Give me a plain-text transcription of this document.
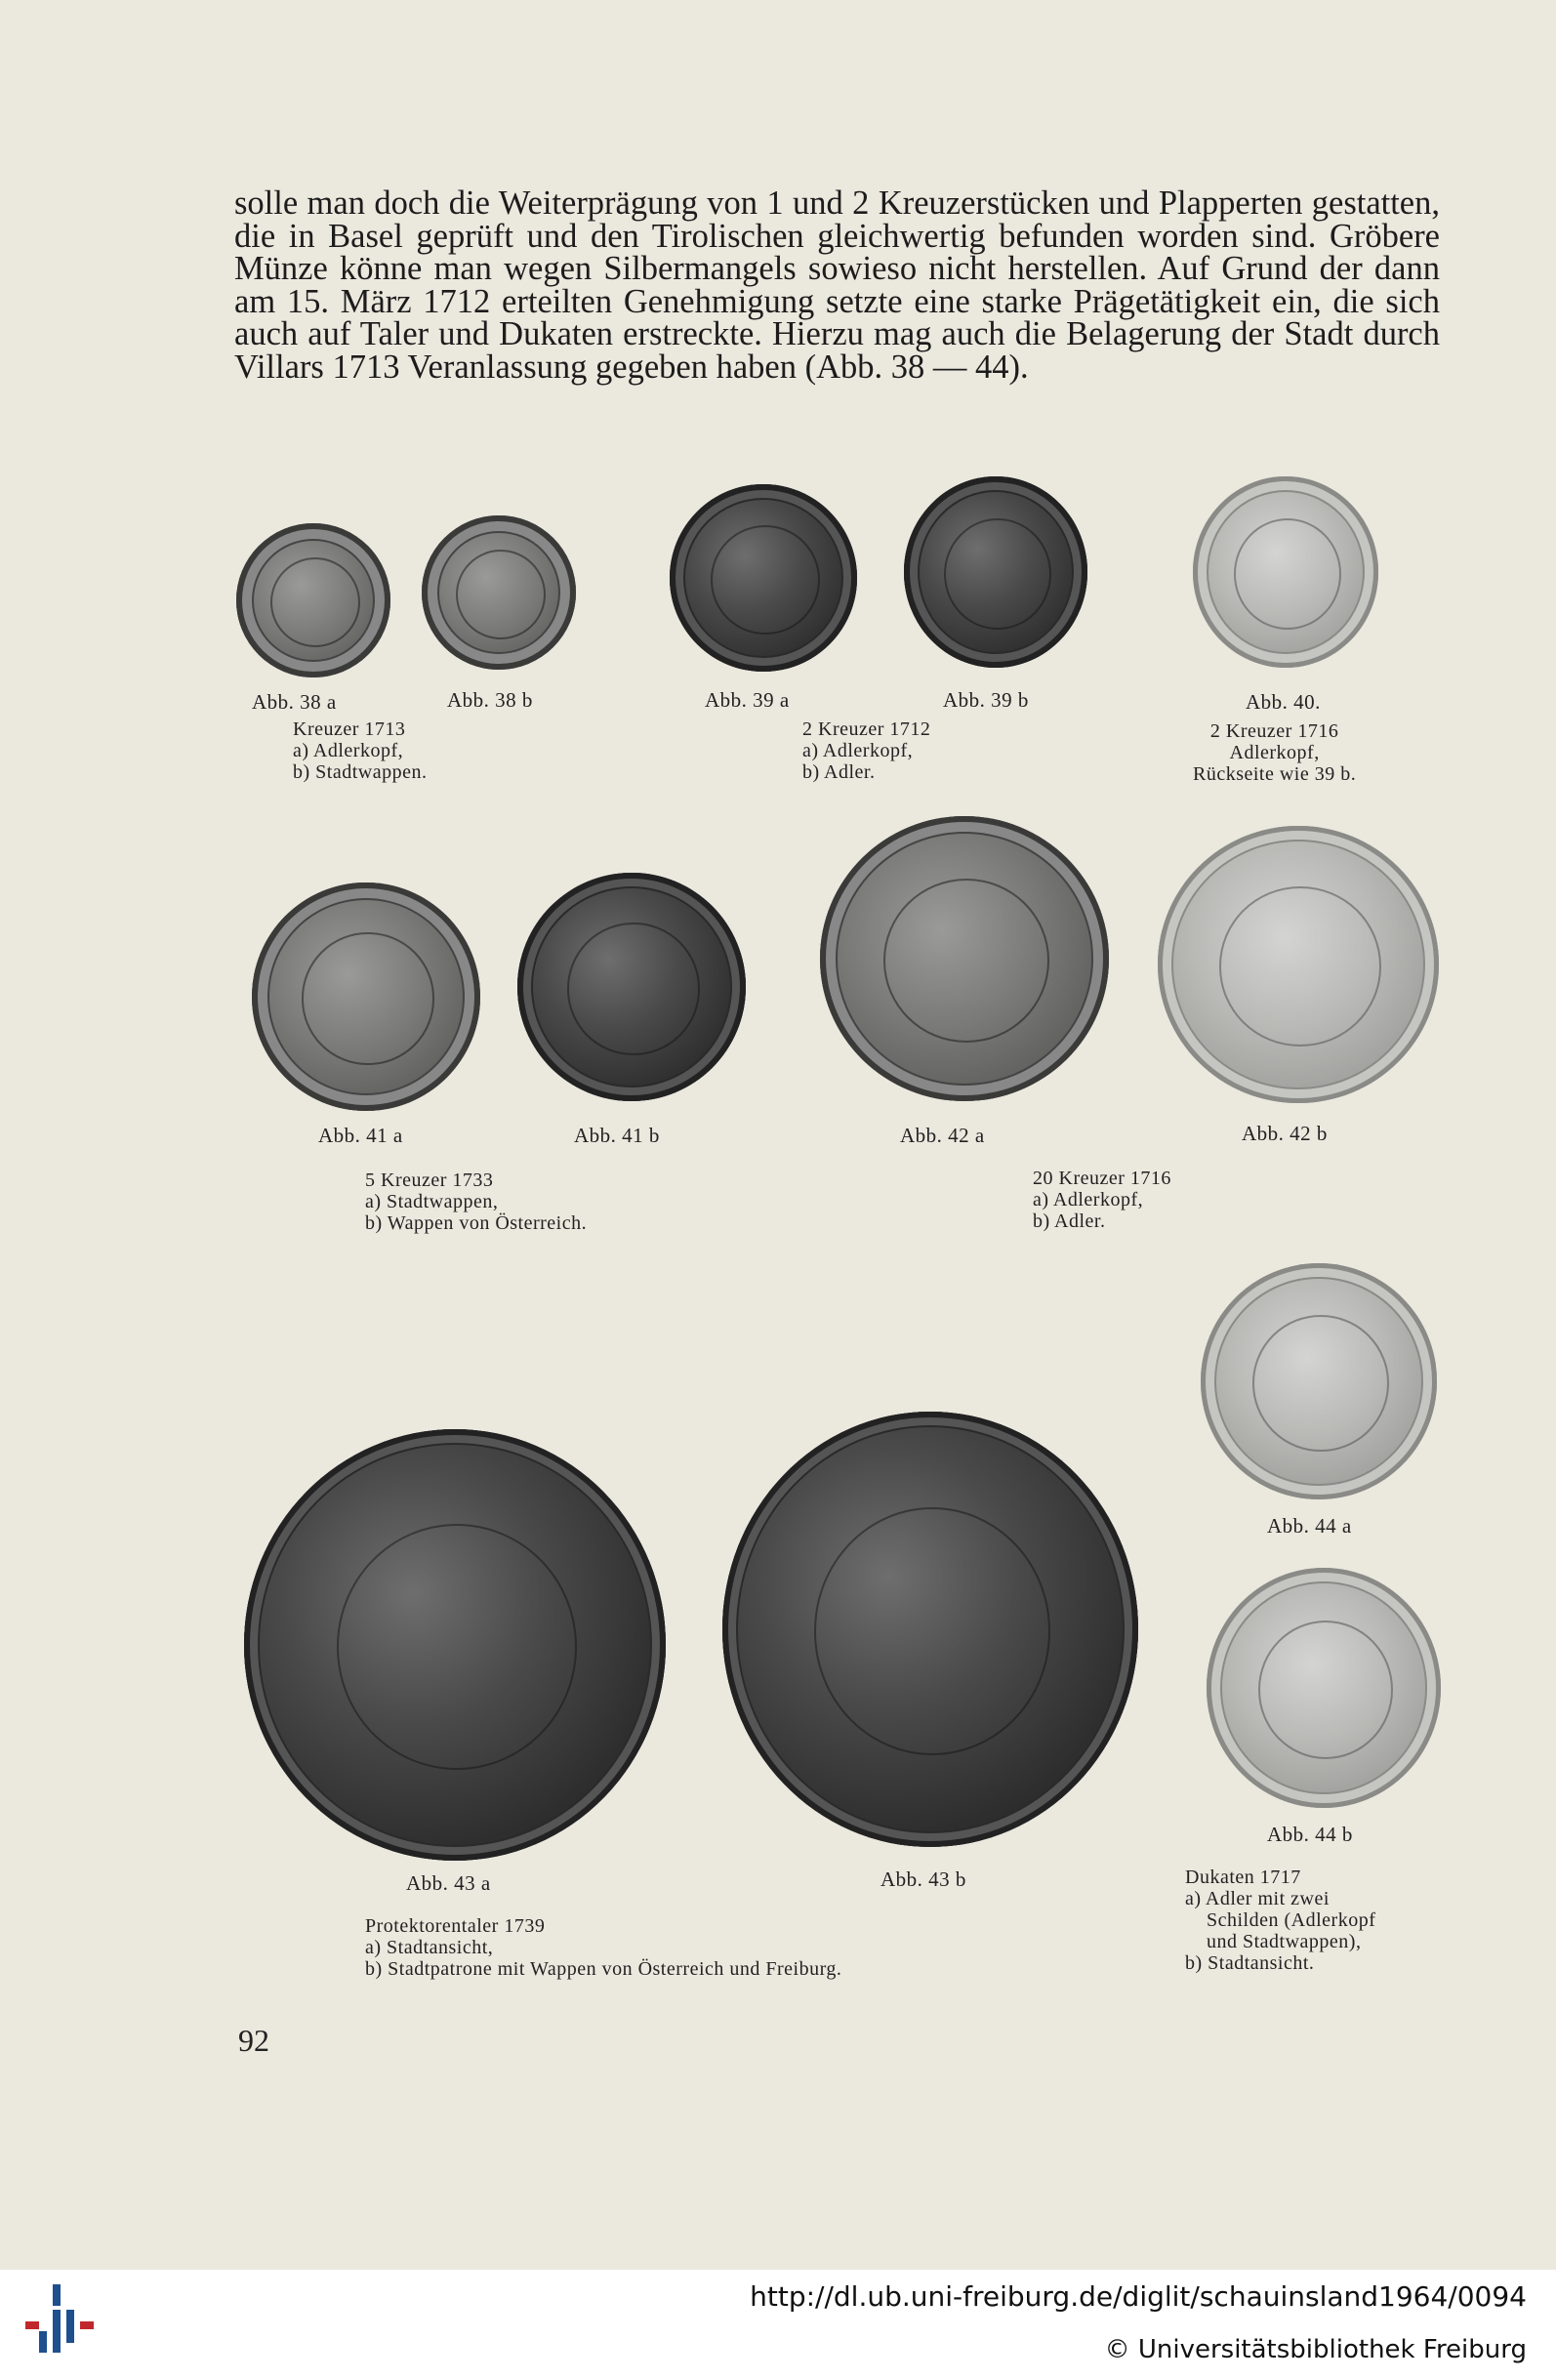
solle man doch die Weiterprägung von 1 und 2 Kreuzerstücken und Plapperten gestatten, die in Basel geprüft und den Tirolischen gleichwertig befunden worden sind. Gröbere Münze könne man wegen Silbermangels sowieso nicht herstellen. Auf Grund der dann am 15. März 1712 erteilten Genehmigung setzte eine starke Prägetätigkeit ein, die sich auch auf Taler und Dukaten erstreckte. Hierzu mag auch die Belagerung der Stadt durch Villars 1713 Veranlassung gegeben haben (Abb. 38 — 44).

Abb. 38 a	Abb. 38 b	Abb. 39 a	Abb. 39 b	Abb. 40.
Kreuzer 1713
a) Adlerkopf,
b) Stadtwappen.
2 Kreuzer 1712
a) Adlerkopf,
b) Adler.
2 Kreuzer 1716
Adlerkopf,
Rückseite wie 39 b.
Abb. 41 a	Abb. 41 b	Abb. 42 a	Abb. 42 b
5 Kreuzer 1733
a) Stadtwappen,
b) Wappen von Österreich.
20 Kreuzer 1716
a) Adlerkopf,
b) Adler.
Abb. 44 a
Abb. 44 b
Abb. 43 a	Abb. 43 b
Protektorentaler 1739
a) Stadtansicht,
b) Stadtpatrone mit Wappen von Österreich und Freiburg.
Dukaten 1717
a) Adler mit zwei
Schilden (Adlerkopf
und Stadtwappen),
b) Stadtansicht.
92
http://dl.ub.uni-freiburg.de/diglit/schauinsland1964/0094
© Universitätsbibliothek Freiburg
